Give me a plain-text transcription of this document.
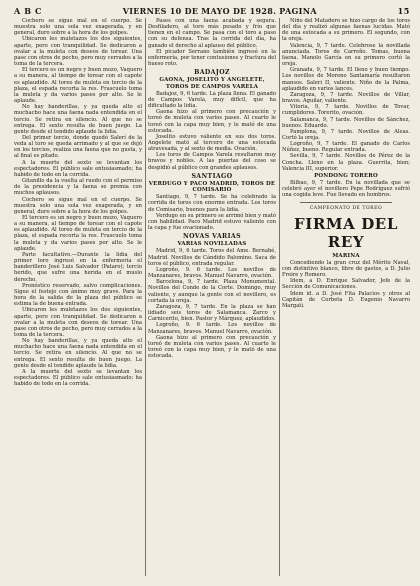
A B C	VIERNES 10 DE MAYO DE 1928. PAGINA	15

Cochero se sigue mal en el cuerpo. Se muestra solo una sola vez exagerada, y en general, duro sobre a la hora de los golpes.

Ubicaron les muletazos los dos siguientes, aparte, pero con tranquilidad. Se dedicaron a ovalar a la muleta con deseos de torear. Una pase con otros de pecho, pero muy cerrados a la toma de la tercera.

El tercero es un negro y buen mozo, Vaquero a su manera, al tiempo de torear con el capote es aplaudido. Al toreo de muleta en tercio de la plaza, el espada recorta la res. Frascuelo toma la muleta y da varios pases por alto. Se le aplaude.

No hay banderillas, y ya queda alto el muchacho hace una faena nada entendida en el tercio. Se retira en silencio. Al que no se entrega. El sexto resulta de buen juego. La gente desde el tendido aplaude la lidia.

Del primer tercio, donde quedó Salerí de la veda al toro se queda arrimado y al que se dejó en los tercios, realiza una faena que no gusta, y al final es pitado.

A la muerte del sexto se levantan los espectadores. El público sale entusiasmado; ha habido de todo en la corrida.

Gitanillo da la vuelta al ruedo con el permiso de la presidencia y la faena se premia con muchos aplausos.

Cochero se sigue mal en el cuerpo. Se muestra solo una sola vez exagerada, y en general, duro sobre a la hora de los golpes.

El tercero es un negro y buen mozo, Vaquero a su manera, al tiempo de torear con el capote es aplaudido. Al toreo de muleta en tercio de la plaza, el espada recorta la res. Frascuelo toma la muleta y da varios pases por alto. Se le aplaude.

Parte facultativo.—Durante la lidia del primer toro ingresó en la enfermería el banderillero José Luis Salvador (Pataro); tercio herido, que sufre una herida en el muslo derecho.

Pronóstico reservado, salvo complicaciones. Sigue el festejo con ánimo muy grave. Para la hora de la salida de la plaza del público se estima la de buena entrada.

Ubicaron les muletazos los dos siguientes, aparte, pero con tranquilidad. Se dedicaron a ovalar a la muleta con deseos de torear. Una pase con otros de pecho, pero muy cerrados a la toma de la tercera.

No hay banderillas, y ya queda alto el muchacho hace una faena nada entendida en el tercio. Se retira en silencio. Al que no se entrega. El sexto resulta de buen juego. La gente desde el tendido aplaude la lidia.

A la muerte del sexto se levantan los espectadores. El público sale entusiasmado; ha habido de todo en la corrida.

Pases con una faena acabada y segura. Desfiladero, al toro más pesado y frío que tienen en el campo. Se pasa con el toro a paso con su defensa. Tras la corrida del día, ha ganado el derecho al aplauso del público.

El picador Serrano también ingresó en la enfermería, por tener contusiones y fractura del hueso roto.

BADAJOZ
GAONA, JOSELITO Y ANGELETE, TOROS DE CAMPOS VARELA

Badajoz, 9, 6 tarde. La plaza llena. El ganado de Campos Varela, muy difícil, que ha dificultado la lidia.

Gaona hizo al primero con precaución y toreó de muleta con varios pases. Al cuarto le toreó con la capa muy bien, y le mató de una estocada.

Joselito estuvo valiente en sus dos toros. Angelete mató al tercero de una estocada atravesada, y al sexto de media. Ovación.

Los toros de Campos Varela resultaron muy bravos y nobles. A las puertas del coso se despidió al público con grandes aplausos.

SANTIAGO
VERDUGO Y PACO MADRID, TOROS DE COMISARIO

Santiago, 9, 7 tarde. Se ha celebrado la corrida de toros con enorme entrada. Los toros de Comisario, buenos para la lidia.

Verdugo en su primero se arrimó bien y mató con habilidad. Paco Madrid estuvo valiente con la capa y fue ovacionado.

NOVAS VARIAS
VARIAS NOVILLADAS

Madrid, 9, 6 tarde. Toros del Ame. Bernabé, Madrid. Novillos de Cándido Palomino. Saca de toros el público, entrada regular.

Logroño, 9. 6 tarde. Los novillos de Manzanares, bravos. Manuel Navarro, ovación.

Barcelona, 9, 7 tarde. Plaza Monumental. Novillos del Conde de la Corte. Domingo, muy valiente, y aunque la gente con el novillero, es cortada la oreja.

Zaragoza, 9, 7 tarde. En la plaza se han lidiado seis toros de Salamanca. Zarco y Carnicerito, bien. Pastor y Márquez, aplaudidos.

Logroño, 9. 6 tarde. Los novillos de Manzanares, bravos. Manuel Navarro, ovación.

Gaona hizo al primero con precaución y toreó de muleta con varios pases. Al cuarto le toreó con la capa muy bien, y le mató de una estocada.

Niño del Matadero se hizo cargo de los toros del día y realizó algunas faenas lucidas. Mató de una estocada a su primero. El segundo, con la oreja.

Valencia, 9, 7 tarde. Celebrose la novillada anunciada. Toros de Carreño. Tomas, buena faena. Manolo García en su primero cortó la oreja.

Granada, 9, 7 tarde. El lleno y buen tiempo. Los novillos de Moreno Santamaría resultaron mansos. Saleri II, valiente. Niño de la Palma, aplaudido en varios lances.

Zaragoza, 9, 7 tarde. Novillos de Villar, bravos. Aguilar, valiente.

Vitoria, 9, 7 tarde. Novillos de Tovar, cumplidores. Torerito, ovación.

Salamanca, 9, 7 tarde. Novillos de Sánchez, buenos. Eduardo.

Pamplona, 9, 7 tarde. Novillos de Aleas. Cortó la oreja.

Logroño, 9, 7 tarde. El ganado de Carlos Núñez, bueno. Regular entrada.

Sevilla, 9, 7 tarde. Novillos de Pérez de la Concha. Lleno en la plaza. Guerrita, bien; Valencia III, superior.

PONDONG TORERO

Bilbao, 9, 7 tarde. En la novillada que se celebró ayer el novillero Pepe Rodríguez sufrió una cogida leve. Fue llevado en hombros.

CAMPEONATO DE TOREO
FIRMA DEL REY
MARINA

Concediendo la gran cruz del Mérito Naval, con distintivo blanco, libre de gastos, a D. Julio Freire y Romero.

Idem, a D. Enrique Salvador, Jefe de la Sección de Comunicaciones.

Ídem id. a D. José Fita Palacios y otros al Capitán de Corbeta D. Eugenio Navarro Margati.
